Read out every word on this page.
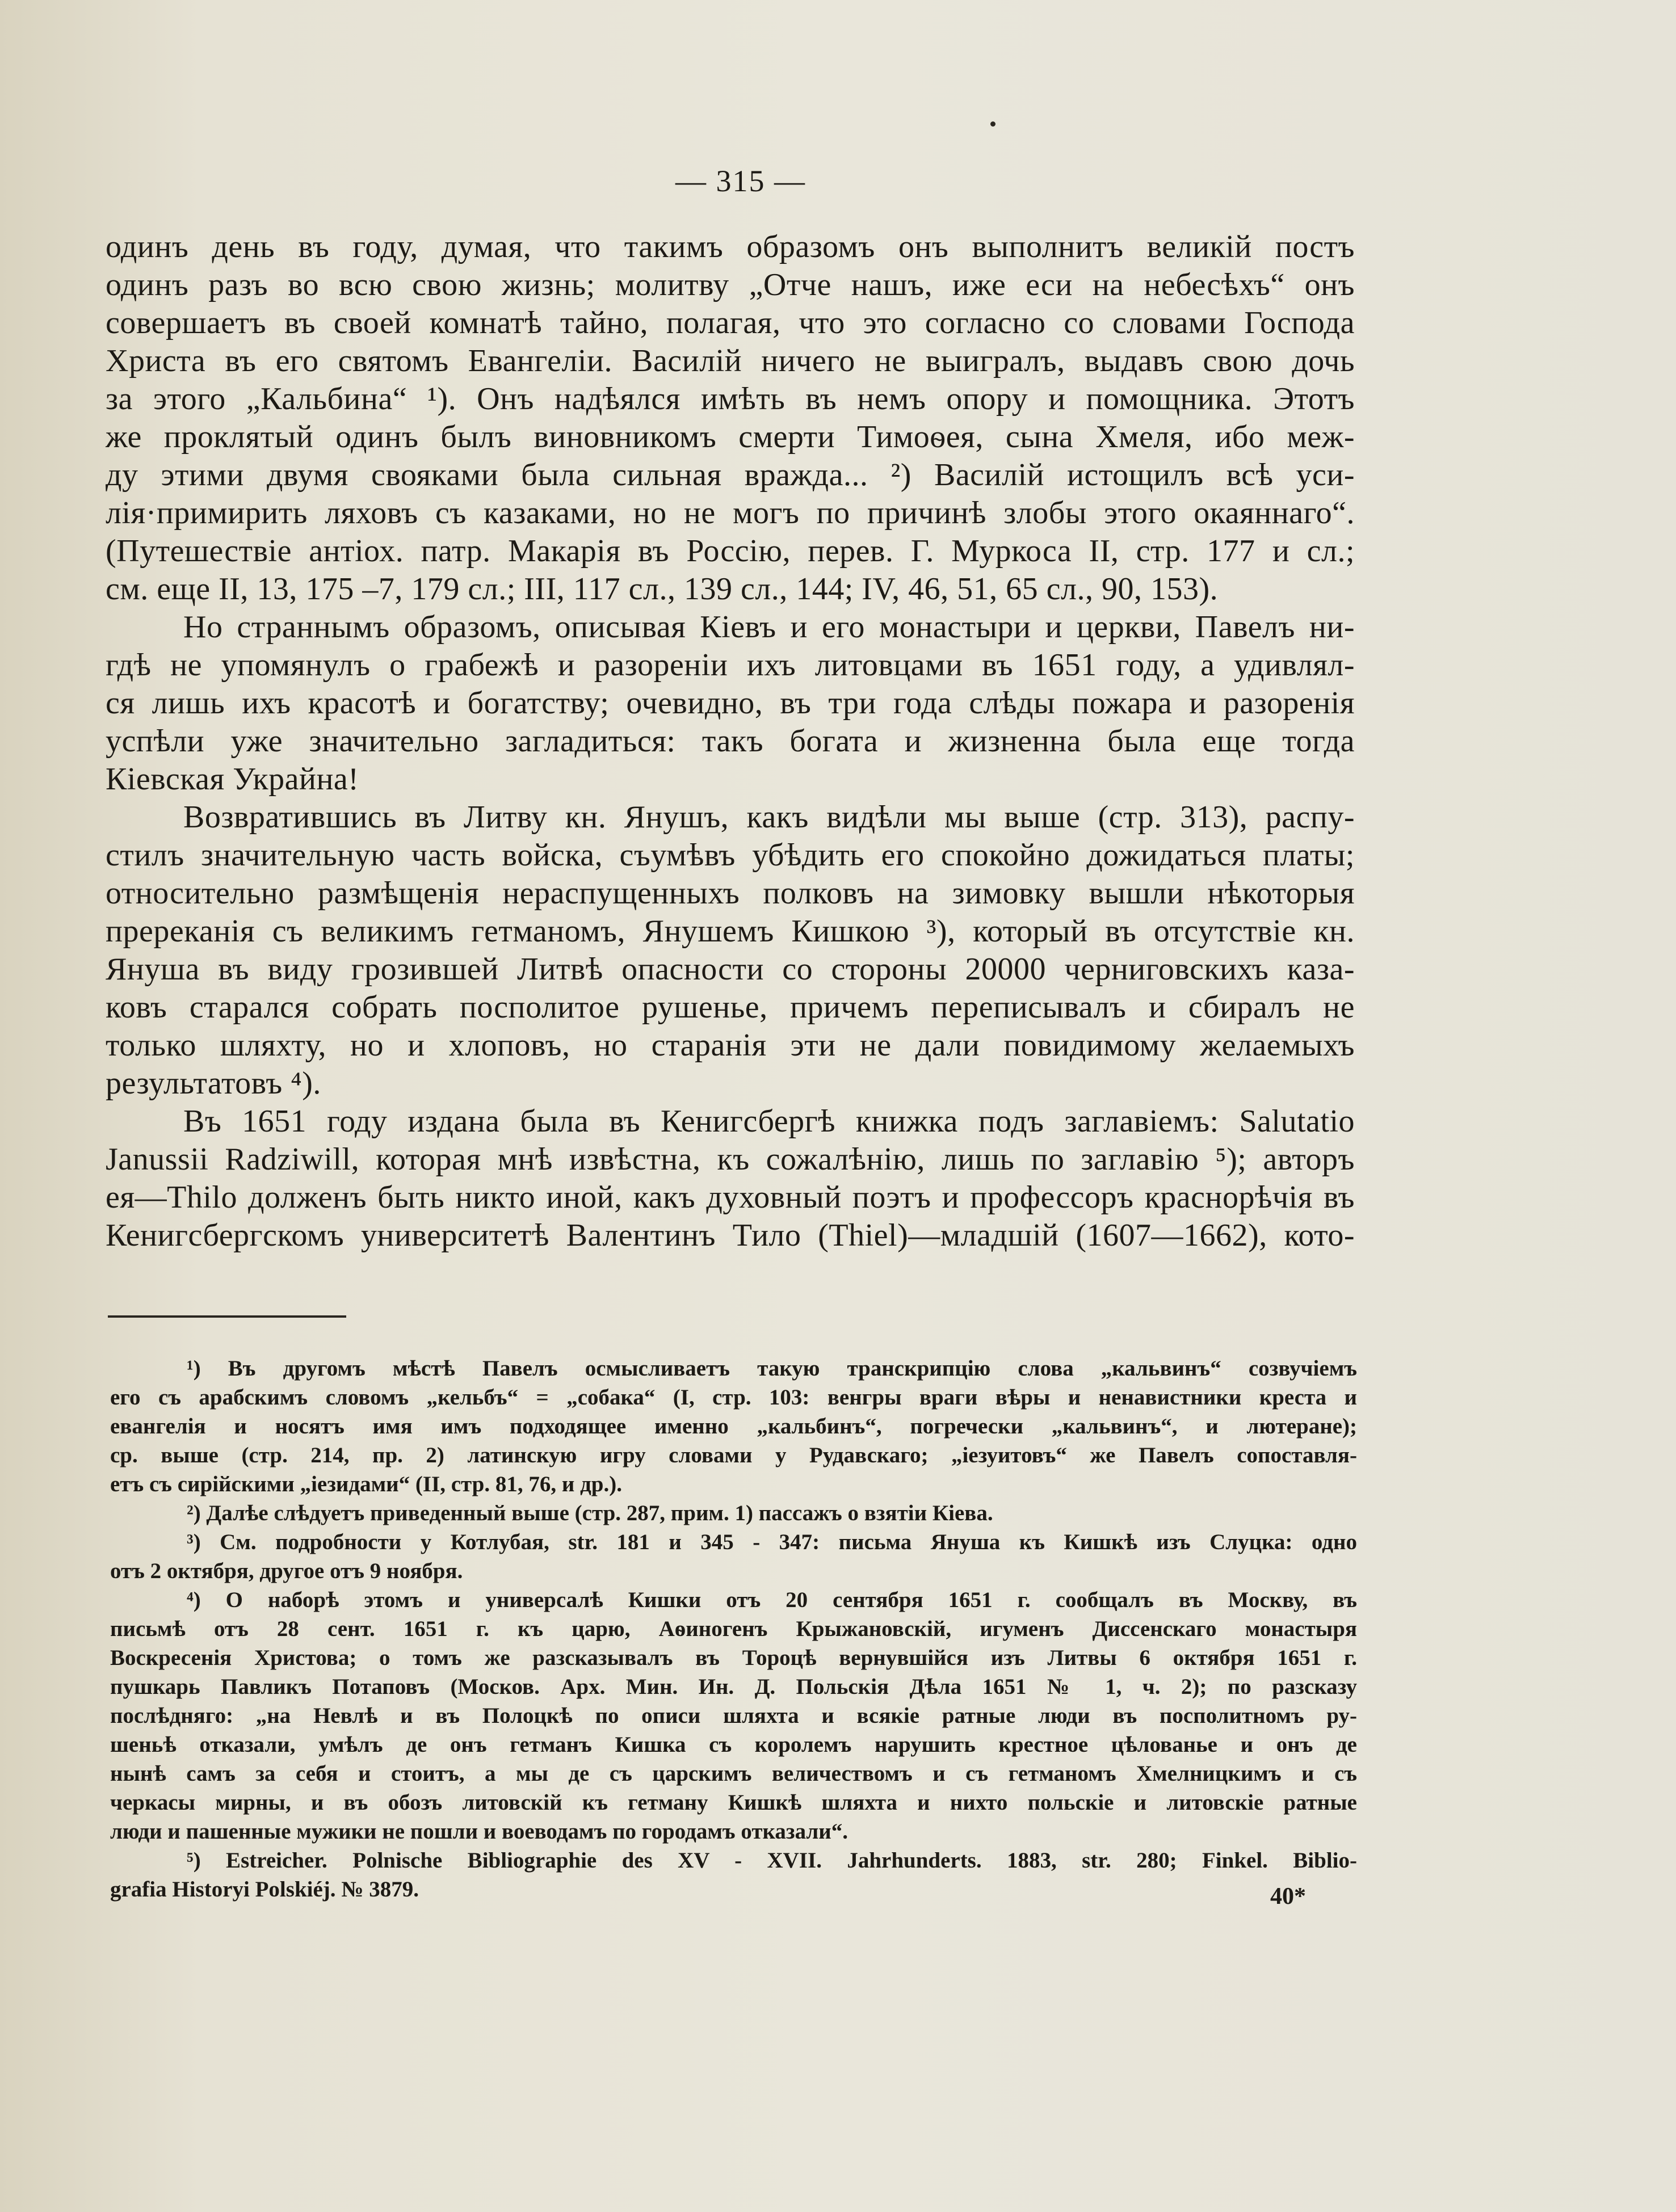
— 315 —
одинъ день въ году, думая, что такимъ образомъ онъ выполнитъ великій постъ
одинъ разъ во всю свою жизнь; молитву „Отче нашъ, иже еси на небесѣхъ“ онъ
совершаетъ въ своей комнатѣ тайно, полагая, что это согласно со словами Господа
Христа въ его святомъ Евангеліи. Василій ничего не выигралъ, выдавъ свою дочь
за этого „Кальбина“ ¹). Онъ надѣялся имѣть въ немъ опору и помощника. Этотъ
же проклятый одинъ былъ виновникомъ смерти Тимоѳея, сына Хмеля, ибо меж-
ду этими двумя свояками была сильная вражда... ²) Василій истощилъ всѣ уси-
лія·примирить ляховъ съ казаками, но не могъ по причинѣ злобы этого окаяннаго“.
(Путешествіе антіох. патр. Макарія въ Россію, перев. Г. Муркоса II, стр. 177 и сл.;
см. еще II, 13, 175 –7, 179 сл.; III, 117 сл., 139 сл., 144; IV, 46, 51, 65 сл., 90, 153).
Но страннымъ образомъ, описывая Кіевъ и его монастыри и церкви, Павелъ ни-
гдѣ не упомянулъ о грабежѣ и разореніи ихъ литовцами въ 1651 году, а удивлял-
ся лишь ихъ красотѣ и богатству; очевидно, въ три года слѣды пожара и разоренія
успѣли уже значительно загладиться: такъ богата и жизненна была еще тогда
Кіевская Украйна!
Возвратившись въ Литву кн. Янушъ, какъ видѣли мы выше (стр. 313), распу-
стилъ значительную часть войска, съумѣвъ убѣдить его спокойно дожидаться платы;
относительно размѣщенія нераспущенныхъ полковъ на зимовку вышли нѣкоторыя
пререканія съ великимъ гетманомъ, Янушемъ Кишкою ³), который въ отсутствіе кн.
Януша въ виду грозившей Литвѣ опасности со стороны 20000 черниговскихъ каза-
ковъ старался собрать посполитое рушенье, причемъ переписывалъ и сбиралъ не
только шляхту, но и хлоповъ, но старанія эти не дали повидимому желаемыхъ
результатовъ ⁴).
Въ 1651 году издана была въ Кенигсбергѣ книжка подъ заглавіемъ: Salutatio
Janussii Radziwill, которая мнѣ извѣстна, къ сожалѣнію, лишь по заглавію ⁵); авторъ
ея—Thilo долженъ быть никто иной, какъ духовный поэтъ и профессоръ краснорѣчія въ
Кенигсбергскомъ университетѣ Валентинъ Тило (Thiel)—младшій (1607—1662), кото-
¹) Въ другомъ мѣстѣ Павелъ осмысливаетъ такую транскрипцію слова „кальвинъ“ созвучіемъ
его съ арабскимъ словомъ „кельбъ“ = „собака“ (I, стр. 103: венгры враги вѣры и ненавистники креста и
евангелія и носятъ имя имъ подходящее именно „кальбинъ“, погречески „кальвинъ“, и лютеране);
ср. выше (стр. 214, пр. 2) латинскую игру словами у Рудавскаго; „іезуитовъ“ же Павелъ сопоставля-
етъ съ сирійскими „іезидами“ (II, стр. 81, 76, и др.).
²) Далѣе слѣдуетъ приведенный выше (стр. 287, прим. 1) пассажъ о взятіи Кіева.
³) См. подробности у Котлубая, str. 181 и 345 - 347: письма Януша къ Кишкѣ изъ Слуцка: одно
отъ 2 октября, другое отъ 9 ноября.
⁴) О наборѣ этомъ и универсалѣ Кишки отъ 20 сентября 1651 г. сообщалъ въ Москву, въ
письмѣ отъ 28 сент. 1651 г. къ царю, Аѳиногенъ Крыжановскій, игуменъ Диссенскаго монастыря
Воскресенія Христова; о томъ же разсказывалъ въ Тороцѣ вернувшійся изъ Литвы 6 октября 1651 г.
пушкарь Павликъ Потаповъ (Москов. Арх. Мин. Ин. Д. Польскія Дѣла 1651 № 1, ч. 2); по разсказу
послѣдняго: „на Невлѣ и въ Полоцкѣ по описи шляхта и всякіе ратные люди въ посполитномъ ру-
шеньѣ отказали, умѣлъ де онъ гетманъ Кишка съ королемъ нарушить крестное цѣлованье и онъ де
нынѣ самъ за себя и стоитъ, а мы де съ царскимъ величествомъ и съ гетманомъ Хмелницкимъ и съ
черкасы мирны, и въ обозъ литовскій къ гетману Кишкѣ шляхта и нихто польскіе и литовскіе ратные
люди и пашенные мужики не пошли и воеводамъ по городамъ отказали“.
⁵) Estreicher. Polnische Bibliographie des XV - XVII. Jahrhunderts. 1883, str. 280; Finkel. Biblio-
grafia Historyi Polskiéj. № 3879.	40*
